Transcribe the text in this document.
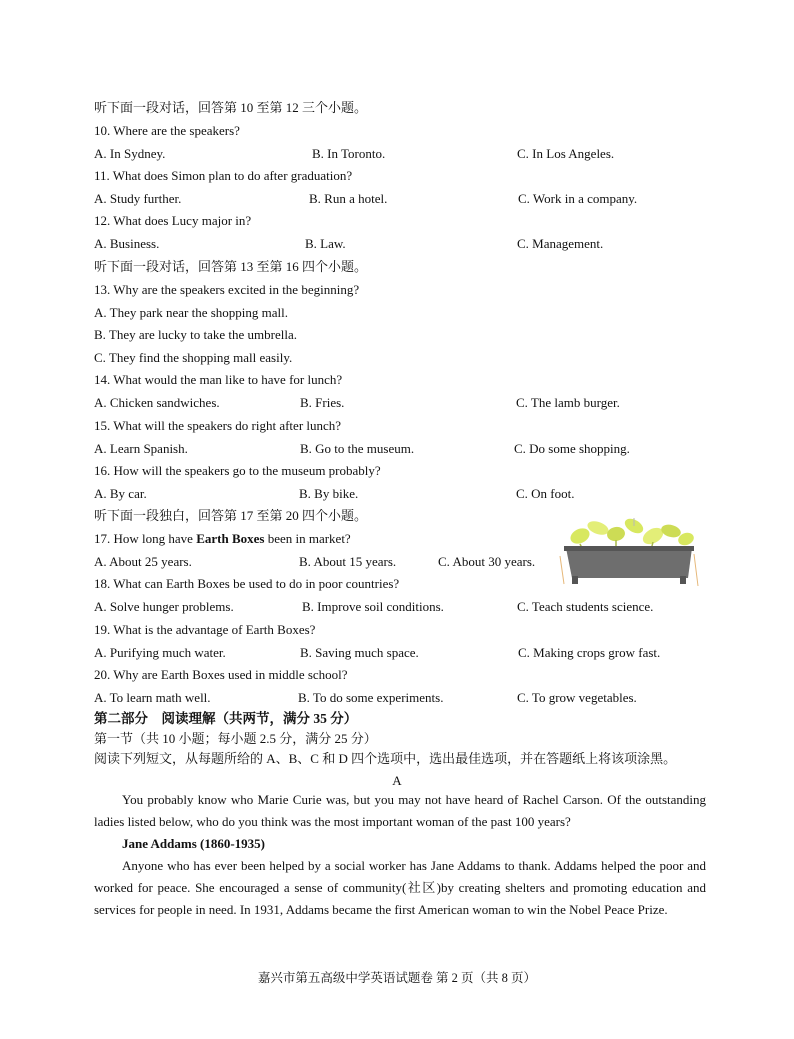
听下面一段对话，回答第 10 至第 12 三个小题。
10. Where are the speakers?
A. In Sydney.	B. In Toronto.	C. In Los Angeles.
11. What does Simon plan to do after graduation?
A. Study further.	B. Run a hotel.	C. Work in a company.
12. What does Lucy major in?
A. Business.	B. Law.	C. Management.
听下面一段对话，回答第 13 至第 16 四个小题。
13. Why are the speakers excited in the beginning?
A. They park near the shopping mall.
B. They are lucky to take the umbrella.
C. They find the shopping mall easily.
14. What would the man like to have for lunch?
A. Chicken sandwiches.	B. Fries.	C. The lamb burger.
15. What will the speakers do right after lunch?
A. Learn Spanish.	B. Go to the museum.	C. Do some shopping.
16. How will the speakers go to the museum probably?
A. By car.	B. By bike.	C. On foot.
听下面一段独白，回答第 17 至第 20 四个小题。
17. How long have Earth Boxes been in market?
A. About 25 years.	B. About 15 years.	C. About 30 years.
18. What can Earth Boxes be used to do in poor countries?
A. Solve hunger problems.	B. Improve soil conditions.	C. Teach students science.
19. What is the advantage of Earth Boxes?
A. Purifying much water.	B. Saving much space.	C. Making crops grow fast.
20. Why are Earth Boxes used in middle school?
A. To learn math well.	B. To do some experiments.	C. To grow vegetables.
第二部分　阅读理解（共两节，满分 35 分）
第一节（共 10 小题；每小题 2.5 分，满分 25 分）
阅读下列短文，从每题所给的 A、B、C 和 D 四个选项中，选出最佳选项，并在答题纸上将该项涂黑。
A

You probably know who Marie Curie was, but you may not have heard of Rachel Carson. Of the outstanding ladies listed below, who do you think was the most important woman of the past 100 years?

Jane Addams (1860-1935)

Anyone who has ever been helped by a social worker has Jane Addams to thank. Addams helped the poor and worked for peace. She encouraged a sense of community(社区)by creating shelters and promoting education and services for people in need. In 1931, Addams became the first American woman to win the Nobel Peace Prize.

嘉兴市第五高级中学英语试题卷 第 2 页（共 8 页）
